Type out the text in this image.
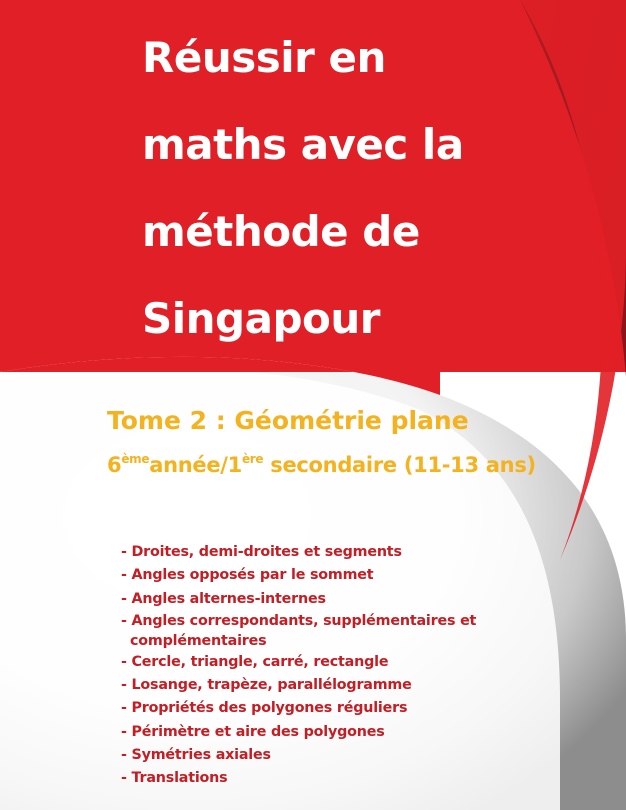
Réussir en
maths avec la
méthode de
Singapour
Tome 2 : Géométrie plane
6èmeannée/1ère secondaire (11-13 ans)
- Droites, demi-droites et segments
- Angles opposés par le sommet
- Angles alternes-internes
- Angles correspondants, supplémentaires et
complémentaires
- Cercle, triangle, carré, rectangle
- Losange, trapèze, parallélogramme
- Propriétés des polygones réguliers
- Périmètre et aire des polygones
- Symétries axiales
- Translations
